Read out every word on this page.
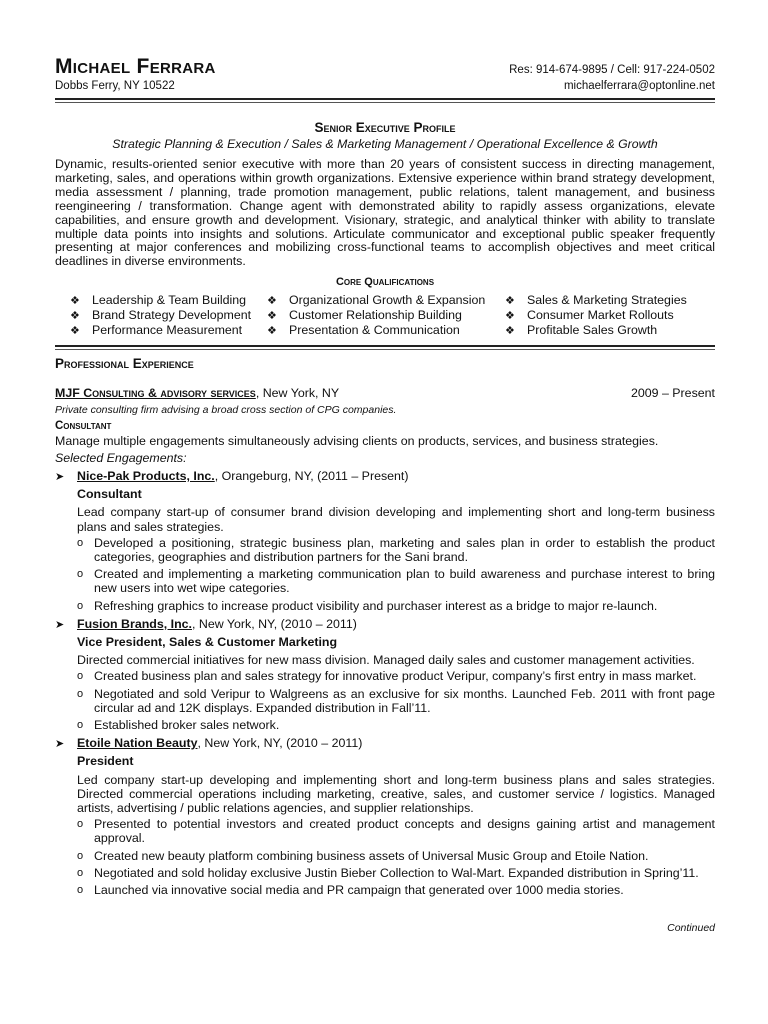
Michael Ferrara
Dobbs Ferry, NY 10522
Res: 914-674-9895 / Cell: 917-224-0502
michaelferrara@optonline.net
Senior Executive Profile
Strategic Planning & Execution / Sales & Marketing Management / Operational Excellence & Growth
Dynamic, results-oriented senior executive with more than 20 years of consistent success in directing management, marketing, sales, and operations within growth organizations. Extensive experience within brand strategy development, media assessment / planning, trade promotion management, public relations, talent management, and business reengineering / transformation. Change agent with demonstrated ability to rapidly assess organizations, elevate capabilities, and ensure growth and development. Visionary, strategic, and analytical thinker with ability to translate multiple data points into insights and solutions. Articulate communicator and exceptional public speaker frequently presenting at major conferences and mobilizing cross-functional teams to accomplish objectives and meet critical deadlines in diverse environments.
Core Qualifications
❖ Leadership & Team Building
❖ Brand Strategy Development
❖ Performance Measurement
❖ Organizational Growth & Expansion
❖ Customer Relationship Building
❖ Presentation & Communication
❖ Sales & Marketing Strategies
❖ Consumer Market Rollouts
❖ Profitable Sales Growth
Professional Experience

MJF Consulting & advisory services, New York, NY	2009 – Present

Private consulting firm advising a broad cross section of CPG companies.

Consultant

Manage multiple engagements simultaneously advising clients on products, services, and business strategies.

Selected Engagements:

➤ Nice-Pak Products, Inc., Orangeburg, NY, (2011 – Present)

Consultant

Lead company start-up of consumer brand division developing and implementing short and long-term business plans and sales strategies.

o Developed a positioning, strategic business plan, marketing and sales plan in order to establish the product categories, geographies and distribution partners for the Sani brand.
o Created and implementing a marketing communication plan to build awareness and purchase interest to bring new users into wet wipe categories.
o Refreshing graphics to increase product visibility and purchaser interest as a bridge to major re-launch.

➤ Fusion Brands, Inc., New York, NY, (2010 – 2011)

Vice President, Sales & Customer Marketing

Directed commercial initiatives for new mass division. Managed daily sales and customer management activities.

o Created business plan and sales strategy for innovative product Veripur, company’s first entry in mass market.
o Negotiated and sold Veripur to Walgreens as an exclusive for six months. Launched Feb. 2011 with front page circular ad and 12K displays. Expanded distribution in Fall’11.
o Established broker sales network.

➤ Etoile Nation Beauty, New York, NY, (2010 – 2011)

President

Led company start-up developing and implementing short and long-term business plans and sales strategies. Directed commercial operations including marketing, creative, sales, and customer service / logistics. Managed artists, advertising / public relations agencies, and supplier relationships.

o Presented to potential investors and created product concepts and designs gaining artist and management approval.
o Created new beauty platform combining business assets of Universal Music Group and Etoile Nation.
o Negotiated and sold holiday exclusive Justin Bieber Collection to Wal-Mart. Expanded distribution in Spring’11.
o Launched via innovative social media and PR campaign that generated over 1000 media stories.
Continued
